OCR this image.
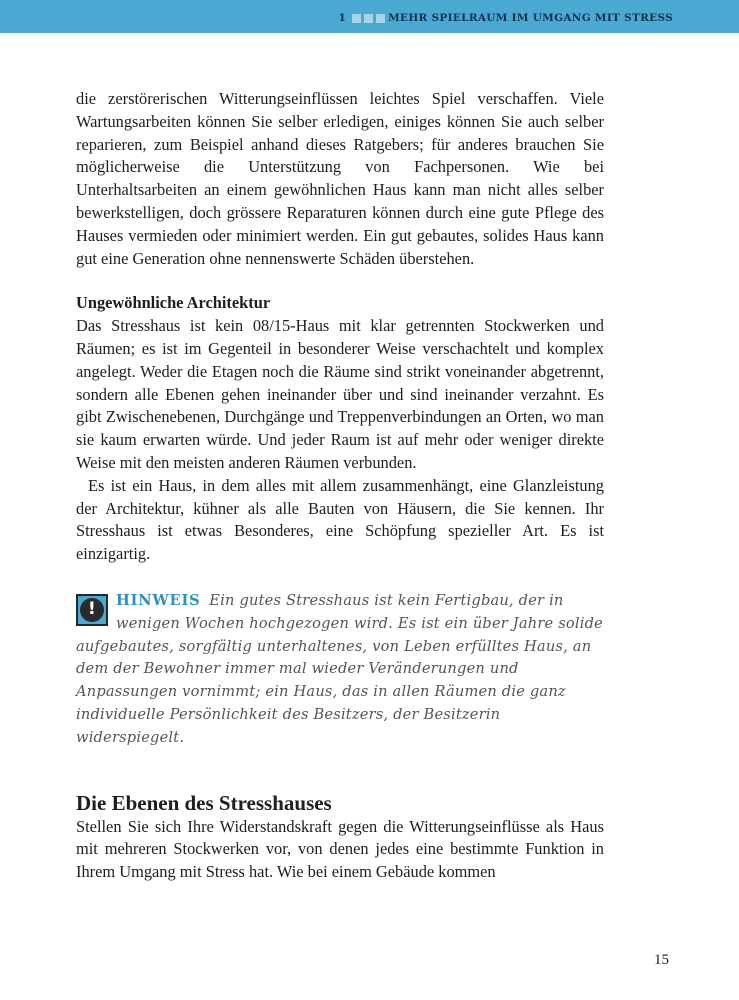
1	MEHR SPIELRAUM IM UMGANG MIT STRESS

die zerstörerischen Witterungseinflüssen leichtes Spiel verschaffen. Viele Wartungsarbeiten können Sie selber erledigen, einiges können Sie auch selber reparieren, zum Beispiel anhand dieses Ratgebers; für anderes brauchen Sie möglicherweise die Unterstützung von Fachpersonen. Wie bei Unterhaltsarbeiten an einem gewöhnlichen Haus kann man nicht alles selber bewerkstelligen, doch grössere Reparaturen können durch eine gute Pflege des Hauses vermieden oder minimiert werden. Ein gut gebautes, solides Haus kann gut eine Generation ohne nennenswerte Schäden überstehen.

Ungewöhnliche Architektur

Das Stresshaus ist kein 08/15-Haus mit klar getrennten Stockwerken und Räumen; es ist im Gegenteil in besonderer Weise verschachtelt und komplex angelegt. Weder die Etagen noch die Räume sind strikt voneinander abgetrennt, sondern alle Ebenen gehen ineinander über und sind ineinander verzahnt. Es gibt Zwischenebenen, Durchgänge und Treppenverbindungen an Orten, wo man sie kaum erwarten würde. Und jeder Raum ist auf mehr oder weniger direkte Weise mit den meisten anderen Räumen verbunden.

Es ist ein Haus, in dem alles mit allem zusammenhängt, eine Glanzleistung der Architektur, kühner als alle Bauten von Häusern, die Sie kennen. Ihr Stresshaus ist etwas Besonderes, eine Schöpfung spezieller Art. Es ist einzigartig.

!	HINWEIS Ein gutes Stresshaus ist kein Fertigbau, der in wenigen Wochen hochgezogen wird. Es ist ein über Jahre solide aufgebautes, sorgfältig unterhaltenes, von Leben erfülltes Haus, an dem der Bewohner immer mal wieder Veränderungen und Anpassungen vornimmt; ein Haus, das in allen Räumen die ganz individuelle Persönlichkeit des Besitzers, der Besitzerin widerspiegelt.
Die Ebenen des Stresshauses

Stellen Sie sich Ihre Widerstandskraft gegen die Witterungseinflüsse als Haus mit mehreren Stockwerken vor, von denen jedes eine bestimmte Funktion in Ihrem Umgang mit Stress hat. Wie bei einem Gebäude kommen

15
